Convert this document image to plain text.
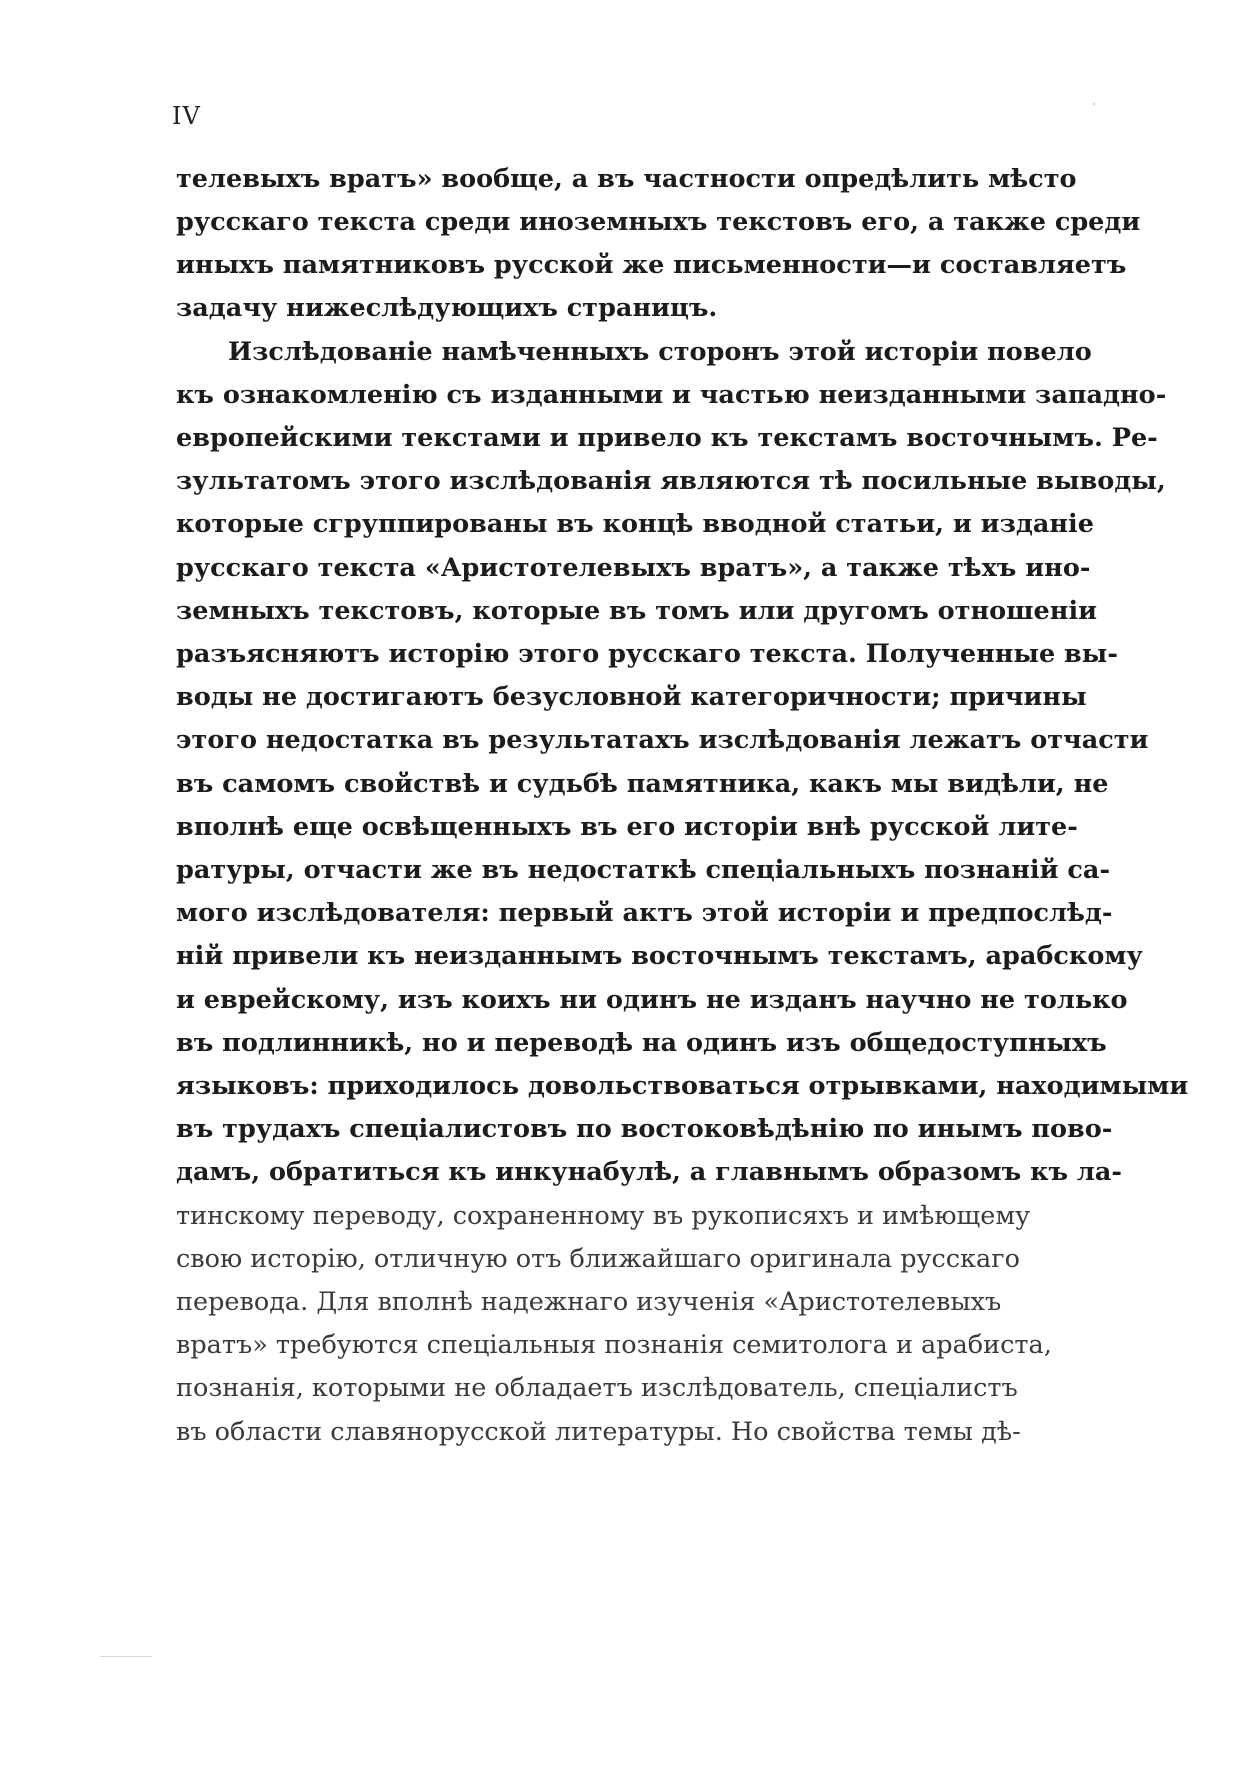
IV
телевыхъ вратъ» вообще, а въ частности опредѣлить мѣсто
русскаго текста среди иноземныхъ текстовъ его, а также среди
иныхъ памятниковъ русской же письменности—и составляетъ
задачу нижеслѣдующихъ страницъ.
Изслѣдованіе намѣченныхъ сторонъ этой исторіи повело
къ ознакомленію съ изданными и частью неизданными западно-
европейскими текстами и привело къ текстамъ восточнымъ. Ре-
зультатомъ этого изслѣдованія являются тѣ посильные выводы,
которые сгруппированы въ концѣ вводной статьи, и изданіе
русскаго текста «Аристотелевыхъ вратъ», а также тѣхъ ино-
земныхъ текстовъ, которые въ томъ или другомъ отношеніи
разъясняютъ исторію этого русскаго текста. Полученные вы-
воды не достигаютъ безусловной категоричности; причины
этого недостатка въ результатахъ изслѣдованія лежатъ отчасти
въ самомъ свойствѣ и судьбѣ памятника, какъ мы видѣли, не
вполнѣ еще освѣщенныхъ въ его исторіи внѣ русской лите-
ратуры, отчасти же въ недостаткѣ спеціальныхъ познаній са-
мого изслѣдователя: первый актъ этой исторіи и предпослѣд-
ній привели къ неизданнымъ восточнымъ текстамъ, арабскому
и еврейскому, изъ коихъ ни одинъ не изданъ научно не только
въ подлинникѣ, но и переводѣ на одинъ изъ общедоступныхъ
языковъ: приходилось довольствоваться отрывками, находимыми
въ трудахъ спеціалистовъ по востоковѣдѣнію по инымъ пово-
дамъ, обратиться къ инкунабулѣ, а главнымъ образомъ къ ла-
тинскому переводу, сохраненному въ рукописяхъ и имѣющему
свою исторію, отличную отъ ближайшаго оригинала русскаго
перевода. Для вполнѣ надежнаго изученія «Аристотелевыхъ
вратъ» требуются спеціальныя познанія семитолога и арабиста,
познанія, которыми не обладаетъ изслѣдователь, спеціалистъ
въ области славянорусской литературы. Но свойства темы дѣ-
